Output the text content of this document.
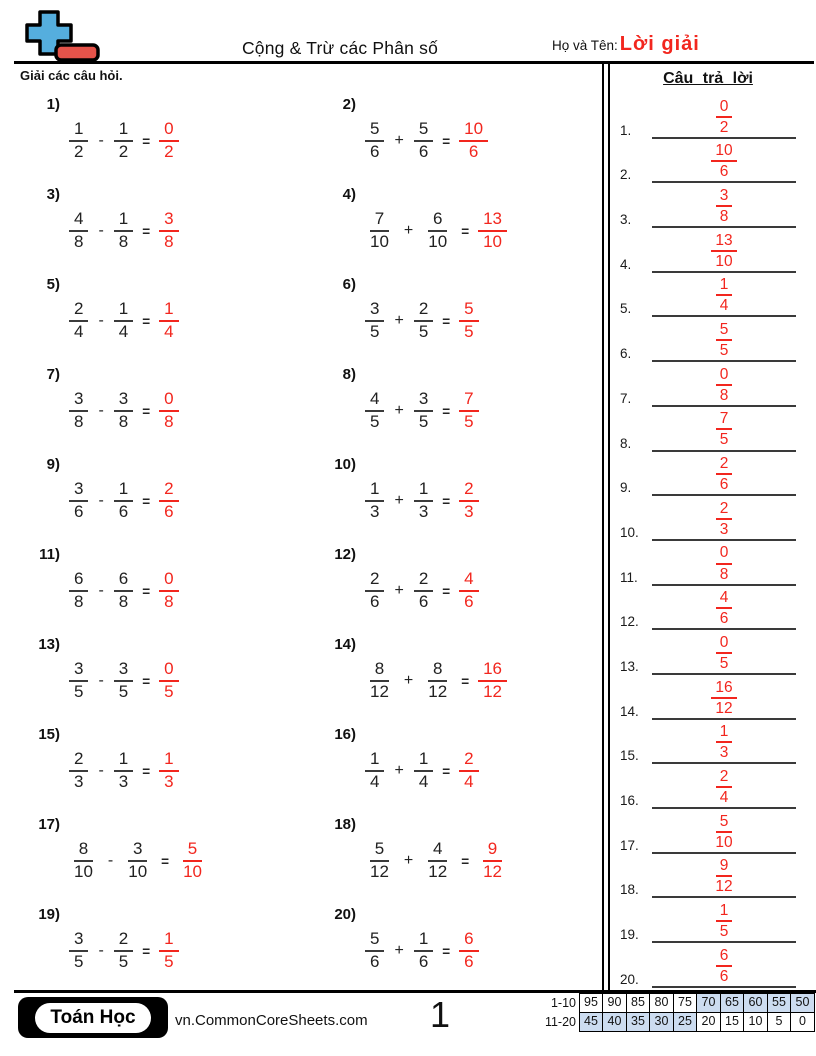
Cộng & Trừ các Phân số	Họ và Tên: Lời giải
Giải các câu hỏi.
1)
$\frac{1}{2} - \frac{1}{2} = \frac{0}{2}$
2)
$\frac{5}{6} + \frac{5}{6} = \frac{10}{6}$
3)
$\frac{4}{8} - \frac{1}{8} = \frac{3}{8}$
4)
$\frac{7}{10} + \frac{6}{10} = \frac{13}{10}$
5)
$\frac{2}{4} - \frac{1}{4} = \frac{1}{4}$
6)
$\frac{3}{5} + \frac{2}{5} = \frac{5}{5}$
7)
$\frac{3}{8} - \frac{3}{8} = \frac{0}{8}$
8)
$\frac{4}{5} + \frac{3}{5} = \frac{7}{5}$
9)
$\frac{3}{6} - \frac{1}{6} = \frac{2}{6}$
10)
$\frac{1}{3} + \frac{1}{3} = \frac{2}{3}$
11)
$\frac{6}{8} - \frac{6}{8} = \frac{0}{8}$
12)
$\frac{2}{6} + \frac{2}{6} = \frac{4}{6}$
13)
$\frac{3}{5} - \frac{3}{5} = \frac{0}{5}$
14)
$\frac{8}{12} + \frac{8}{12} = \frac{16}{12}$
15)
$\frac{2}{3} - \frac{1}{3} = \frac{1}{3}$
16)
$\frac{1}{4} + \frac{1}{4} = \frac{2}{4}$
17)
$\frac{8}{10} - \frac{3}{10} = \frac{5}{10}$
18)
$\frac{5}{12} + \frac{4}{12} = \frac{9}{12}$
19)
$\frac{3}{5} - \frac{2}{5} = \frac{1}{5}$
20)
$\frac{5}{6} + \frac{1}{6} = \frac{6}{6}$
Câu trả lời
1.	$\frac{0}{2}$
2.	$\frac{10}{6}$
3.	$\frac{3}{8}$
4.	$\frac{13}{10}$
5.	$\frac{1}{4}$
6.	$\frac{5}{5}$
7.	$\frac{0}{8}$
8.	$\frac{7}{5}$
9.	$\frac{2}{6}$
10.	$\frac{2}{3}$
11.	$\frac{0}{8}$
12.	$\frac{4}{6}$
13.	$\frac{0}{5}$
14.	$\frac{16}{12}$
15.	$\frac{1}{3}$
16.	$\frac{2}{4}$
17.	$\frac{5}{10}$
18.	$\frac{9}{12}$
19.	$\frac{1}{5}$
20.	$\frac{6}{6}$
Toán Học	vn.CommonCoreSheets.com	1	1-10 95 90 85 80 75 70 65 60 55 50
11-20 45 40 35 30 25 20 15 10	5	0
